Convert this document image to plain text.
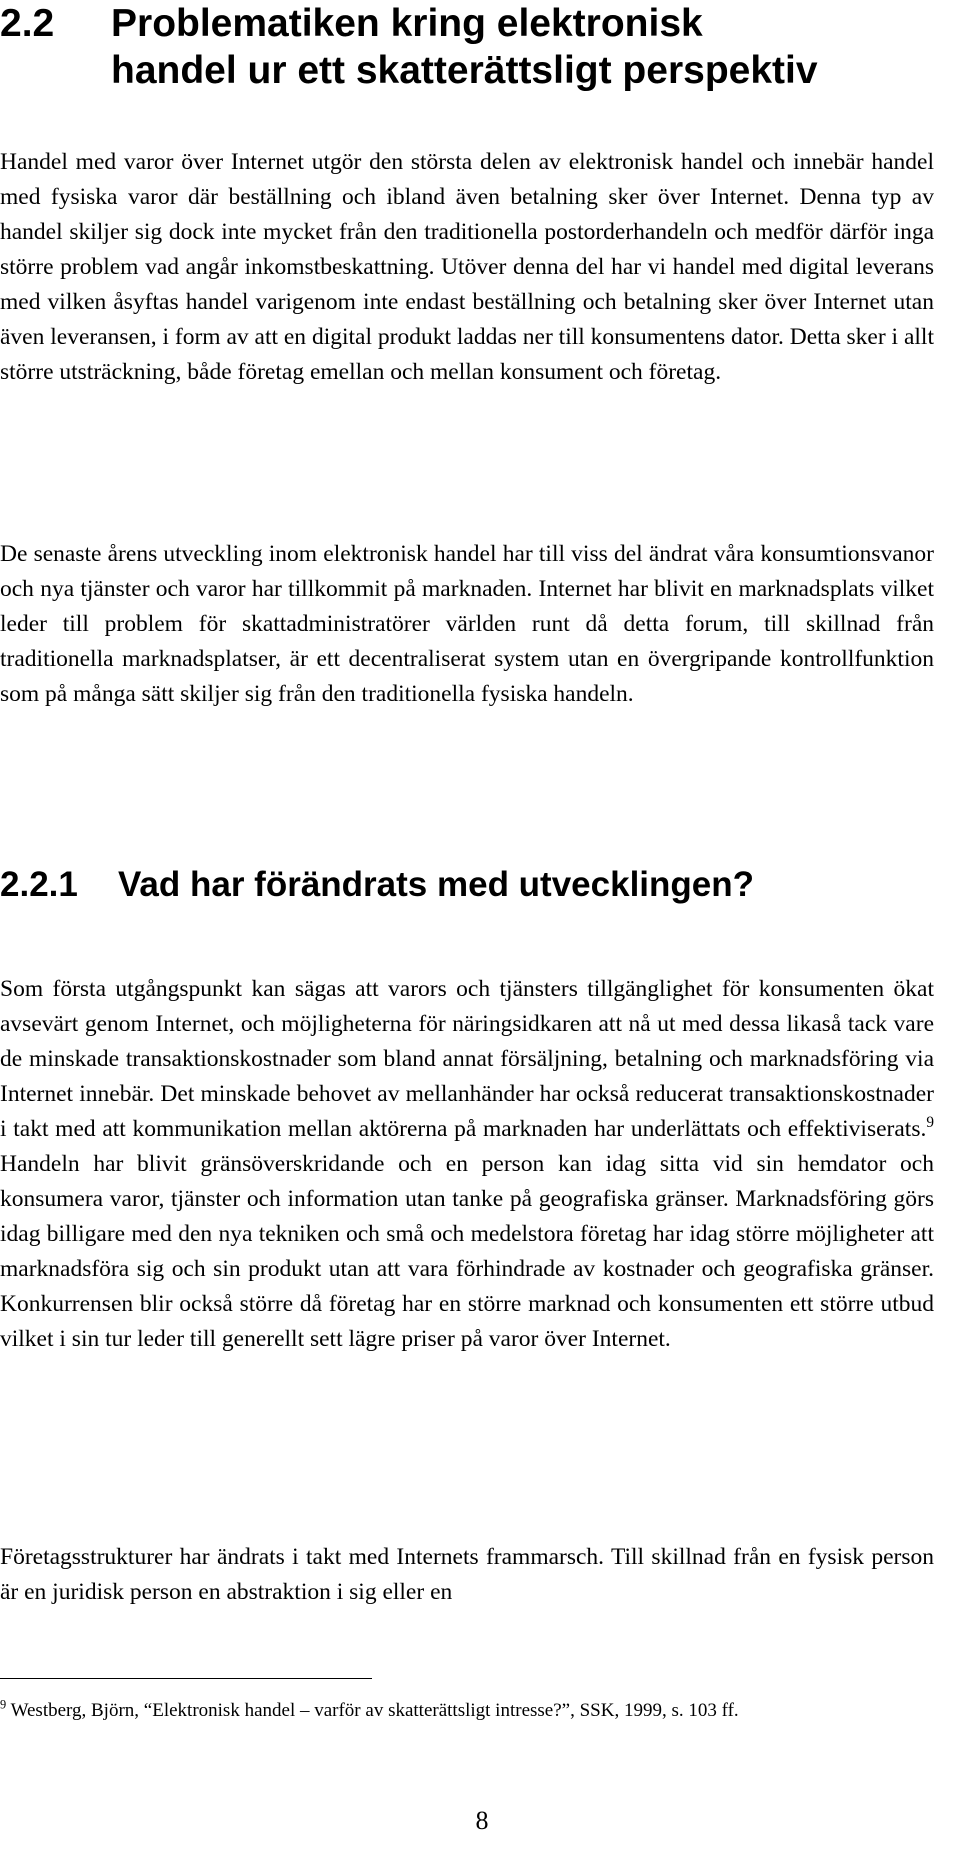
2.2 Problematiken kring elektronisk
handel ur ett skatterättsligt perspektiv

Handel med varor över Internet utgör den största delen av elektronisk handel och innebär handel med fysiska varor där beställning och ibland även betalning sker över Internet. Denna typ av handel skiljer sig dock inte mycket från den traditionella postorderhandeln och medför därför inga större problem vad angår inkomstbeskattning. Utöver denna del har vi handel med digital leverans med vilken åsyftas handel varigenom inte endast beställning och betalning sker över Internet utan även leveransen, i form av att en digital produkt laddas ner till konsumentens dator. Detta sker i allt större utsträckning, både företag emellan och mellan konsument och företag.

De senaste årens utveckling inom elektronisk handel har till viss del ändrat våra konsumtionsvanor och nya tjänster och varor har tillkommit på marknaden. Internet har blivit en marknadsplats vilket leder till problem för skattadministratörer världen runt då detta forum, till skillnad från traditionella marknadsplatser, är ett decentraliserat system utan en övergripande kontrollfunktion som på många sätt skiljer sig från den traditionella fysiska handeln.

2.2.1 Vad har förändrats med utvecklingen?

Som första utgångspunkt kan sägas att varors och tjänsters tillgänglighet för konsumenten ökat avsevärt genom Internet, och möjligheterna för näringsidkaren att nå ut med dessa likaså tack vare de minskade transaktionskostnader som bland annat försäljning, betalning och marknadsföring via Internet innebär. Det minskade behovet av mellanhänder har också reducerat transaktionskostnader i takt med att kommunikation mellan aktörerna på marknaden har underlättats och effektiviserats.$^9$ Handeln har blivit gränsöverskridande och en person kan idag sitta vid sin hemdator och konsumera varor, tjänster och information utan tanke på geografiska gränser. Marknadsföring görs idag billigare med den nya tekniken och små och medelstora företag har idag större möjligheter att marknadsföra sig och sin produkt utan att vara förhindrade av kostnader och geografiska gränser. Konkurrensen blir också större då företag har en större marknad och konsumenten ett större utbud vilket i sin tur leder till generellt sett lägre priser på varor över Internet.

Företagsstrukturer har ändrats i takt med Internets frammarsch. Till skillnad från en fysisk person är en juridisk person en abstraktion i sig eller en

$^9$ Westberg, Björn, “Elektronisk handel – varför av skatterättsligt intresse?”, SSK, 1999, s. 103 ff.

8
